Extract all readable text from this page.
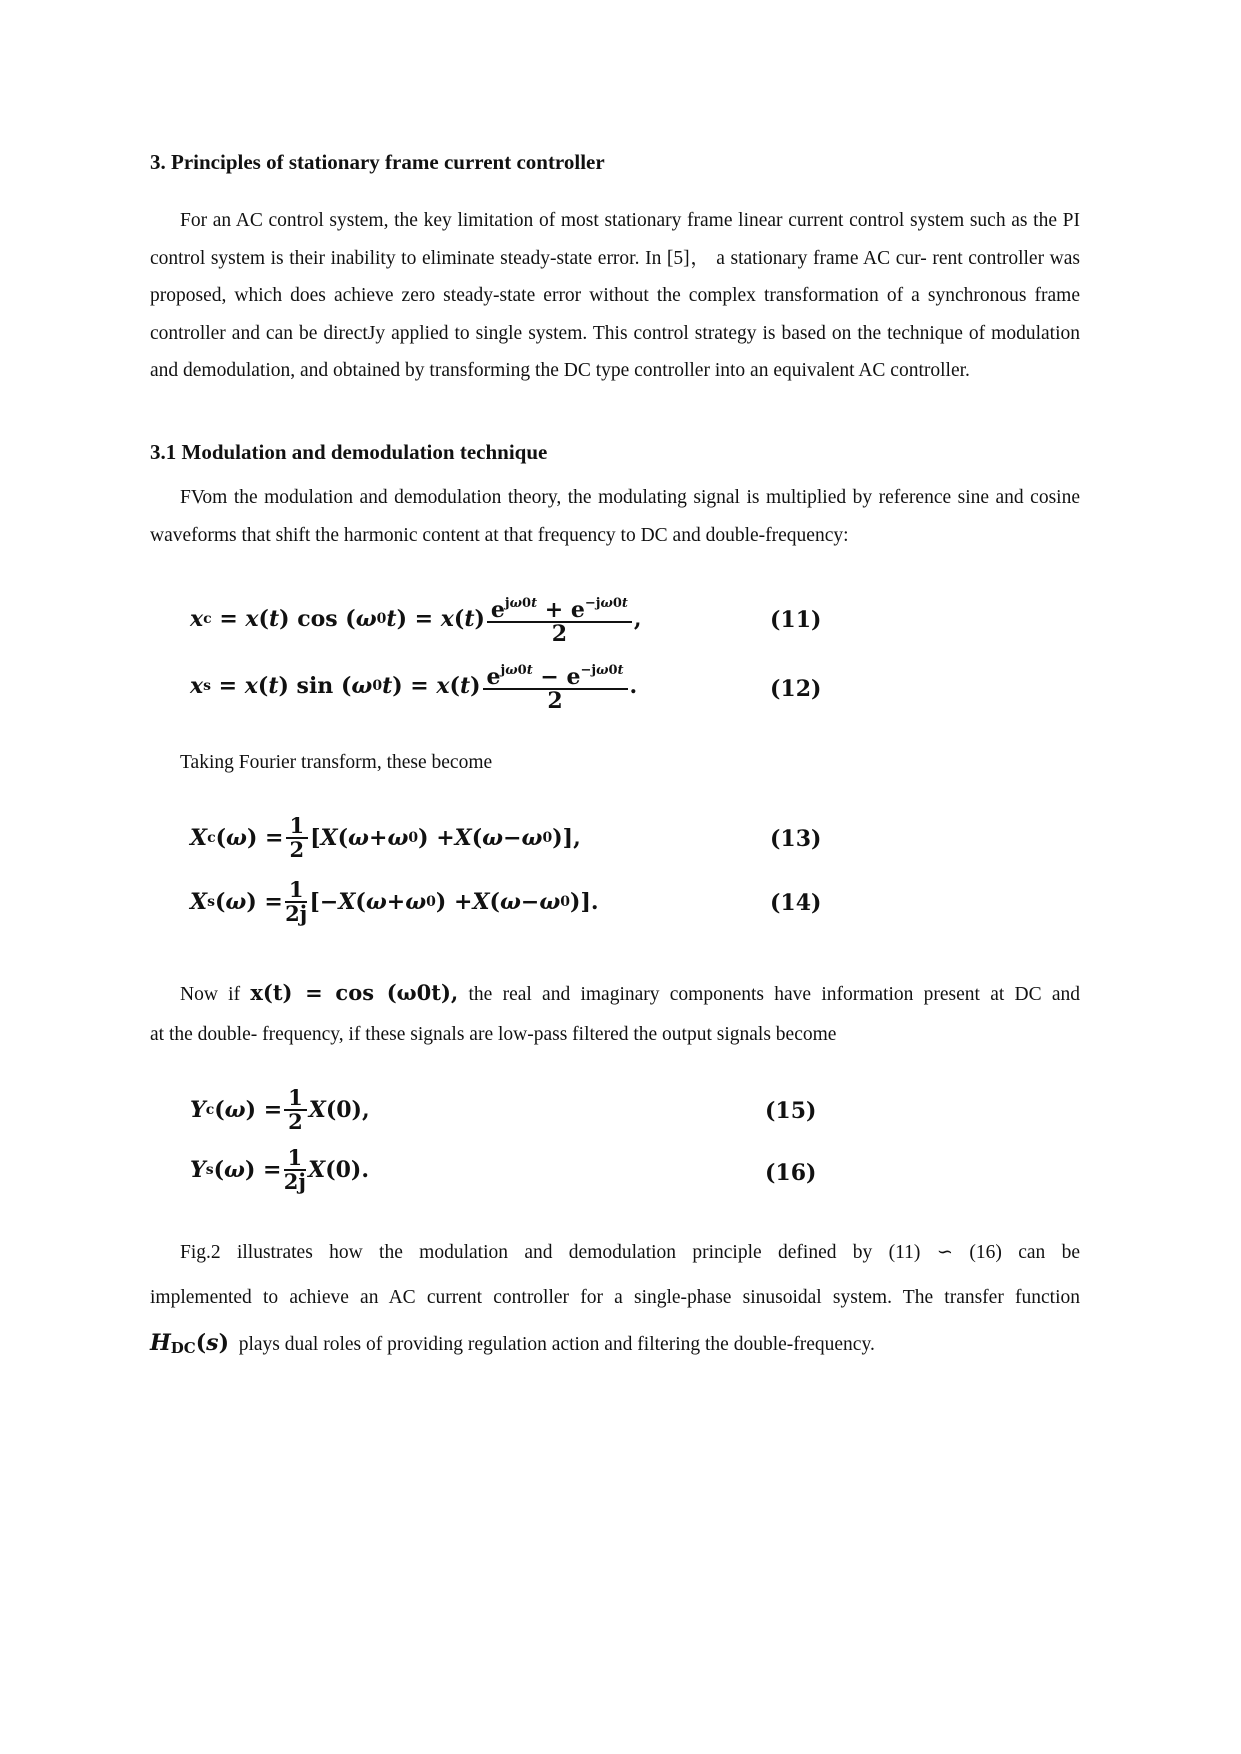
3. Principles of stationary frame current controller

For an AC control system, the key limitation of most stationary frame linear current control system such as the PI control system is their inability to eliminate steady-state error. In [5]， a stationary frame AC cur- rent controller was proposed, which does achieve zero steady-state error without the complex transformation of a synchronous frame controller and can be directJy applied to single system. This control strategy is based on the technique of modulation and demodulation, and obtained by transforming the DC type controller into an equivalent AC controller.

3.1 Modulation and demodulation technique

FVom the modulation and demodulation theory, the modulating signal is multiplied by reference sine and cosine waveforms that shift the harmonic content at that frequency to DC and double-frequency:

x c = x ( t ) cos ( ω 0 t ) = x ( t ) $\frac{e^{j\omega 0t} + e^{-j\omega 0t}}{2}$ ,	(11)
x s = x ( t ) sin ( ω 0 t ) = x ( t ) $\frac{e^{j\omega 0t} - e^{-j\omega 0t}}{2}$ .	(12)

Taking Fourier transform, these become

X c ( ω ) = $\frac{1}{2}$ [ X ( ω + ω 0 ) + X ( ω − ω 0 )],	(13)
X s ( ω ) = $\frac{1}{2j}$ [− X ( ω + ω 0 ) + X ( ω − ω 0 )].	(14)

Now if x(t) = cos (ω0t), the real and imaginary components have information present at DC and

at the double- frequency, if these signals are low-pass filtered the output signals become

Y c ( ω ) = $\frac{1}{2}$ X (0),	(15)
Y s ( ω ) = $\frac{1}{2j}$ X (0).	(16)

Fig.2 illustrates how the modulation and demodulation principle defined by (11) ∽ (16) can be

implemented to achieve an AC current controller for a single-phase sinusoidal system. The transfer function

HDC(s) plays dual roles of providing regulation action and filtering the double-frequency.
